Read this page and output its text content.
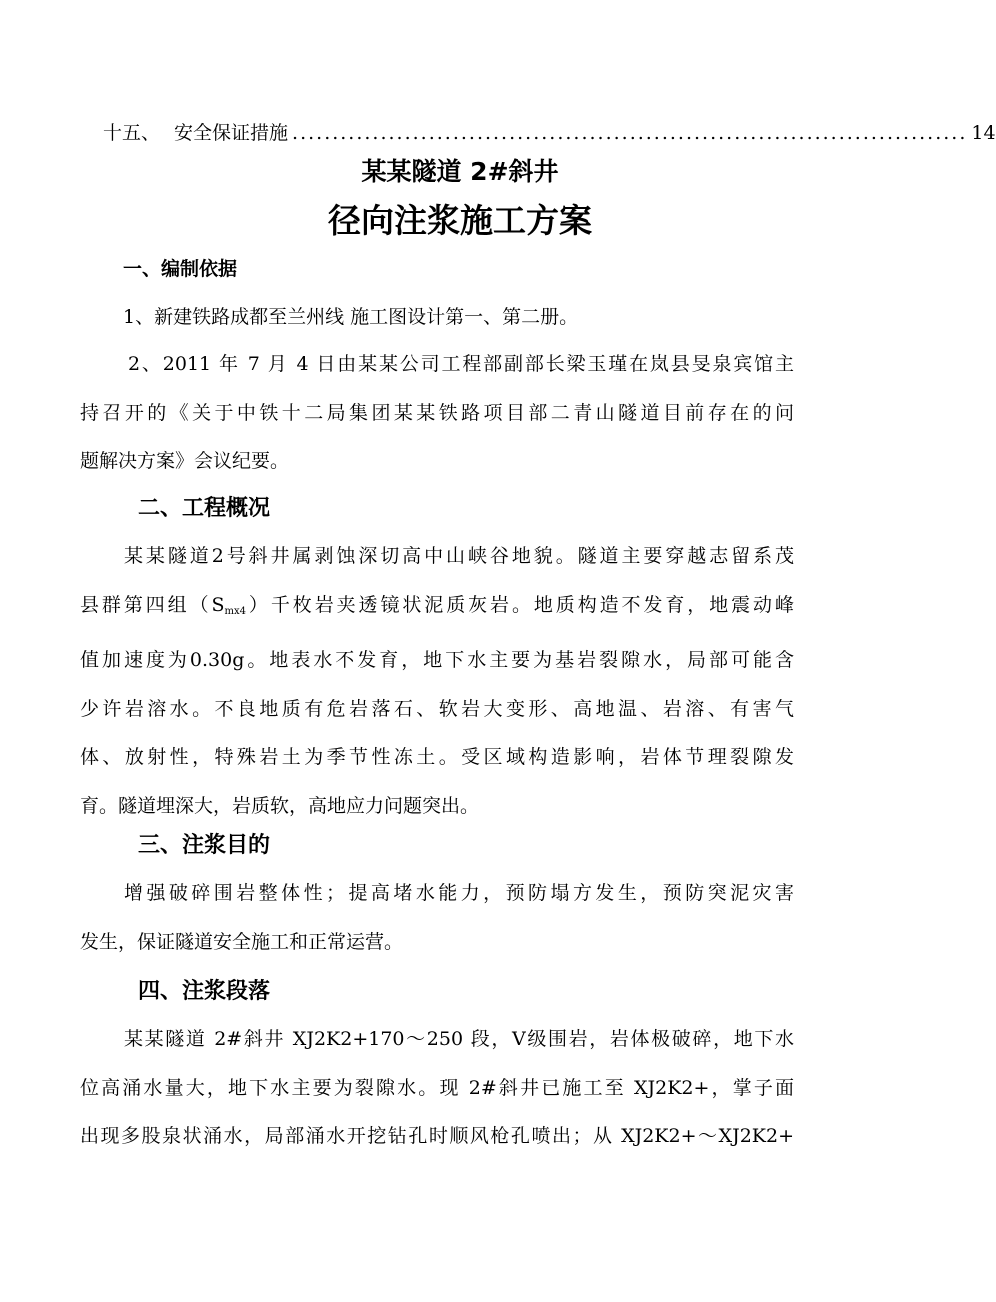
十五、 安全保证措施 .................................................................................... 14
某某隧道 2#斜井
径向注浆施工方案
一、编制依据

1、新建铁路成都至兰州线 施工图设计第一、第二册。

2、2011 年 7 月 4 日由某某公司工程部副部长梁玉瑾在岚县旻泉宾馆主
持召开的《关于中铁十二局集团某某铁路项目部二青山隧道目前存在的问
题解决方案》会议纪要。

二、工程概况

某某隧道2号斜井属剥蚀深切高中山峡谷地貌。隧道主要穿越志留系茂
县群第四组$(S_{mx4})$千枚岩夹透镜状泥质灰岩。地质构造不发育，地震动峰
值加速度为0.30g。地表水不发育，地下水主要为基岩裂隙水，局部可能含
少许岩溶水。不良地质有危岩落石、软岩大变形、高地温、岩溶、有害气
体、放射性，特殊岩土为季节性冻土。受区域构造影响，岩体节理裂隙发
育。隧道埋深大，岩质软，高地应力问题突出。

三、注浆目的

增强破碎围岩整体性；提高堵水能力，预防塌方发生，预防突泥灾害
发生，保证隧道安全施工和正常运营。

四、注浆段落

某某隧道 2#斜井 XJ2K2+170～250 段，Ⅴ级围岩，岩体极破碎，地下水
位高涌水量大，地下水主要为裂隙水。现 2#斜井已施工至 XJ2K2+，掌子面
出现多股泉状涌水，局部涌水开挖钻孔时顺风枪孔喷出；从 XJ2K2+～XJ2K2+
